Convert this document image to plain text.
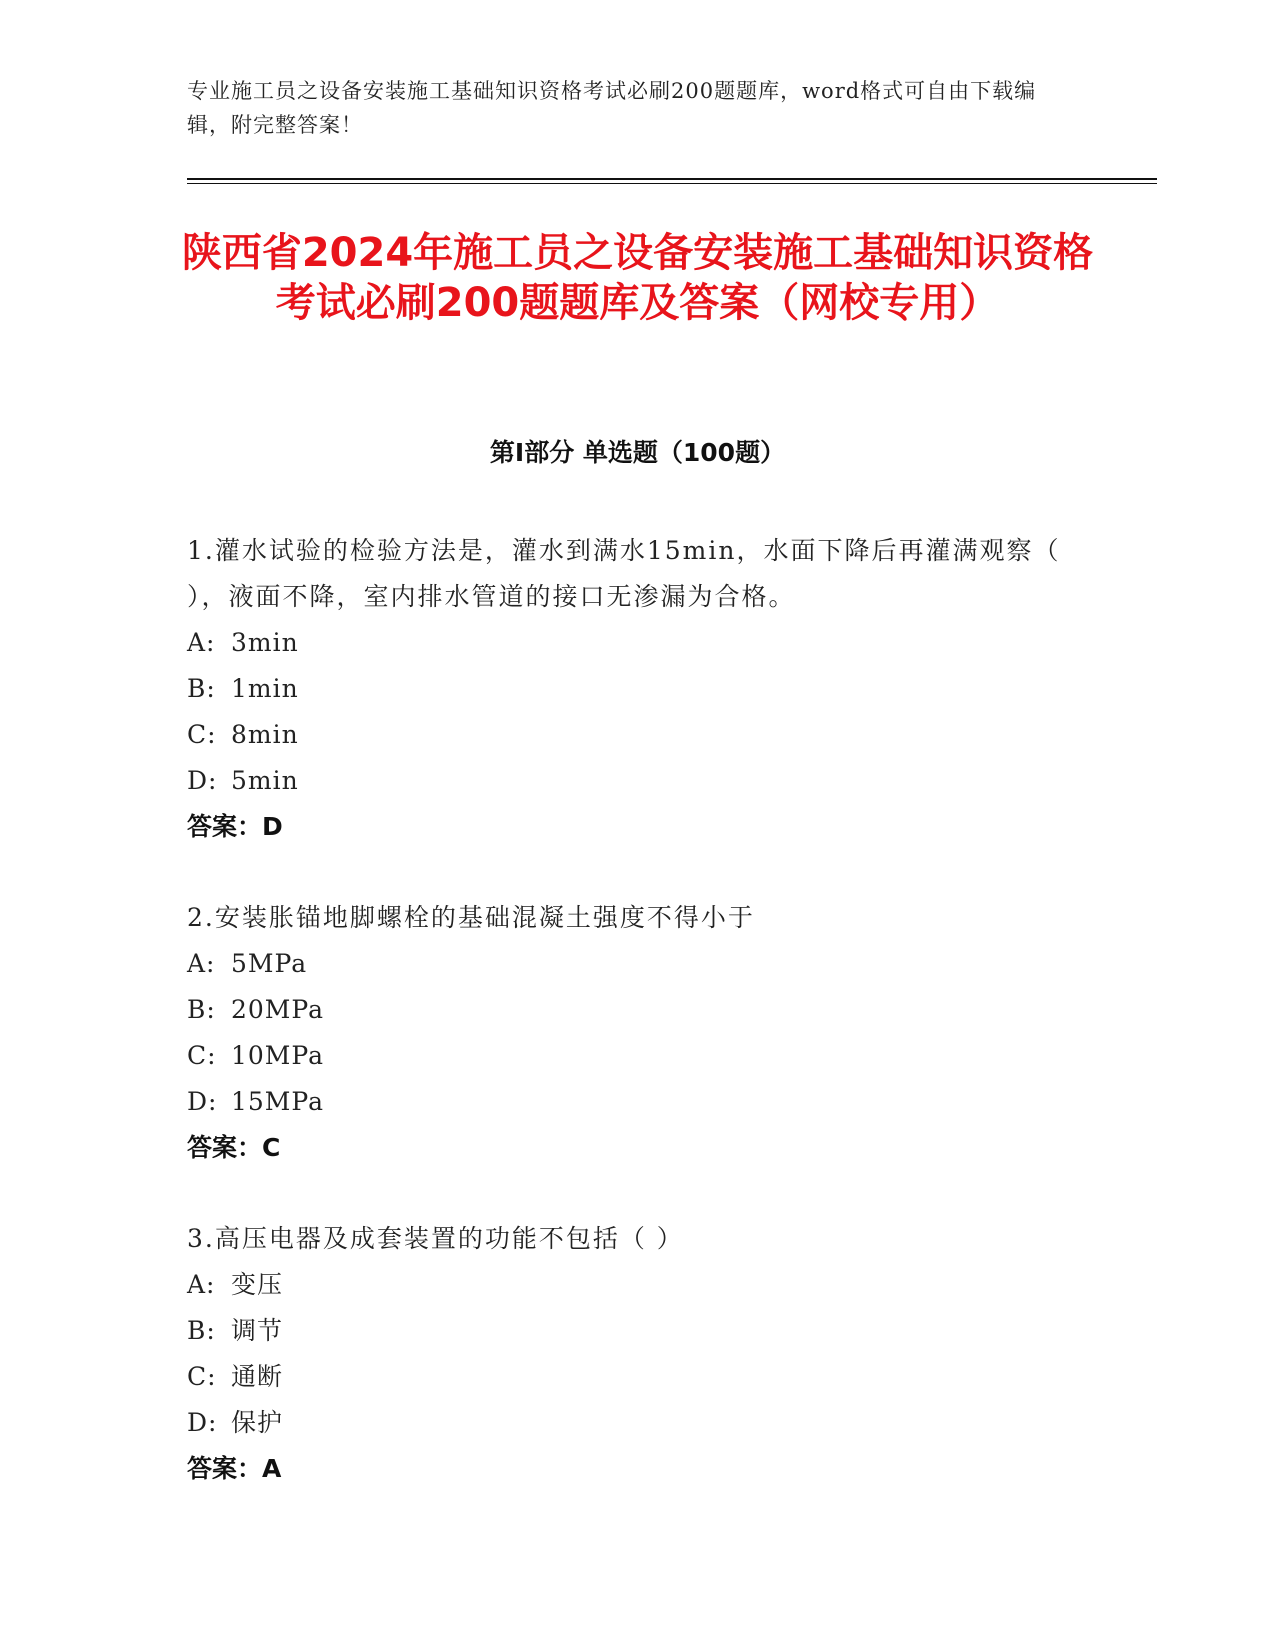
专业施工员之设备安装施工基础知识资格考试必刷200题题库，word格式可自由下载编辑，附完整答案！
陕西省2024年施工员之设备安装施工基础知识资格考试必刷200题题库及答案（网校专用）
第I部分 单选题（100题）
1.灌水试验的检验方法是，灌水到满水15min，水面下降后再灌满观察（ ），液面不降，室内排水管道的接口无渗漏为合格。
A: 3min
B: 1min
C: 8min
D: 5min
答案：D
2.安装胀锚地脚螺栓的基础混凝土强度不得小于
A: 5MPa
B: 20MPa
C: 10MPa
D: 15MPa
答案：C
3.高压电器及成套装置的功能不包括（ ）
A: 变压
B: 调节
C: 通断
D: 保护
答案：A
